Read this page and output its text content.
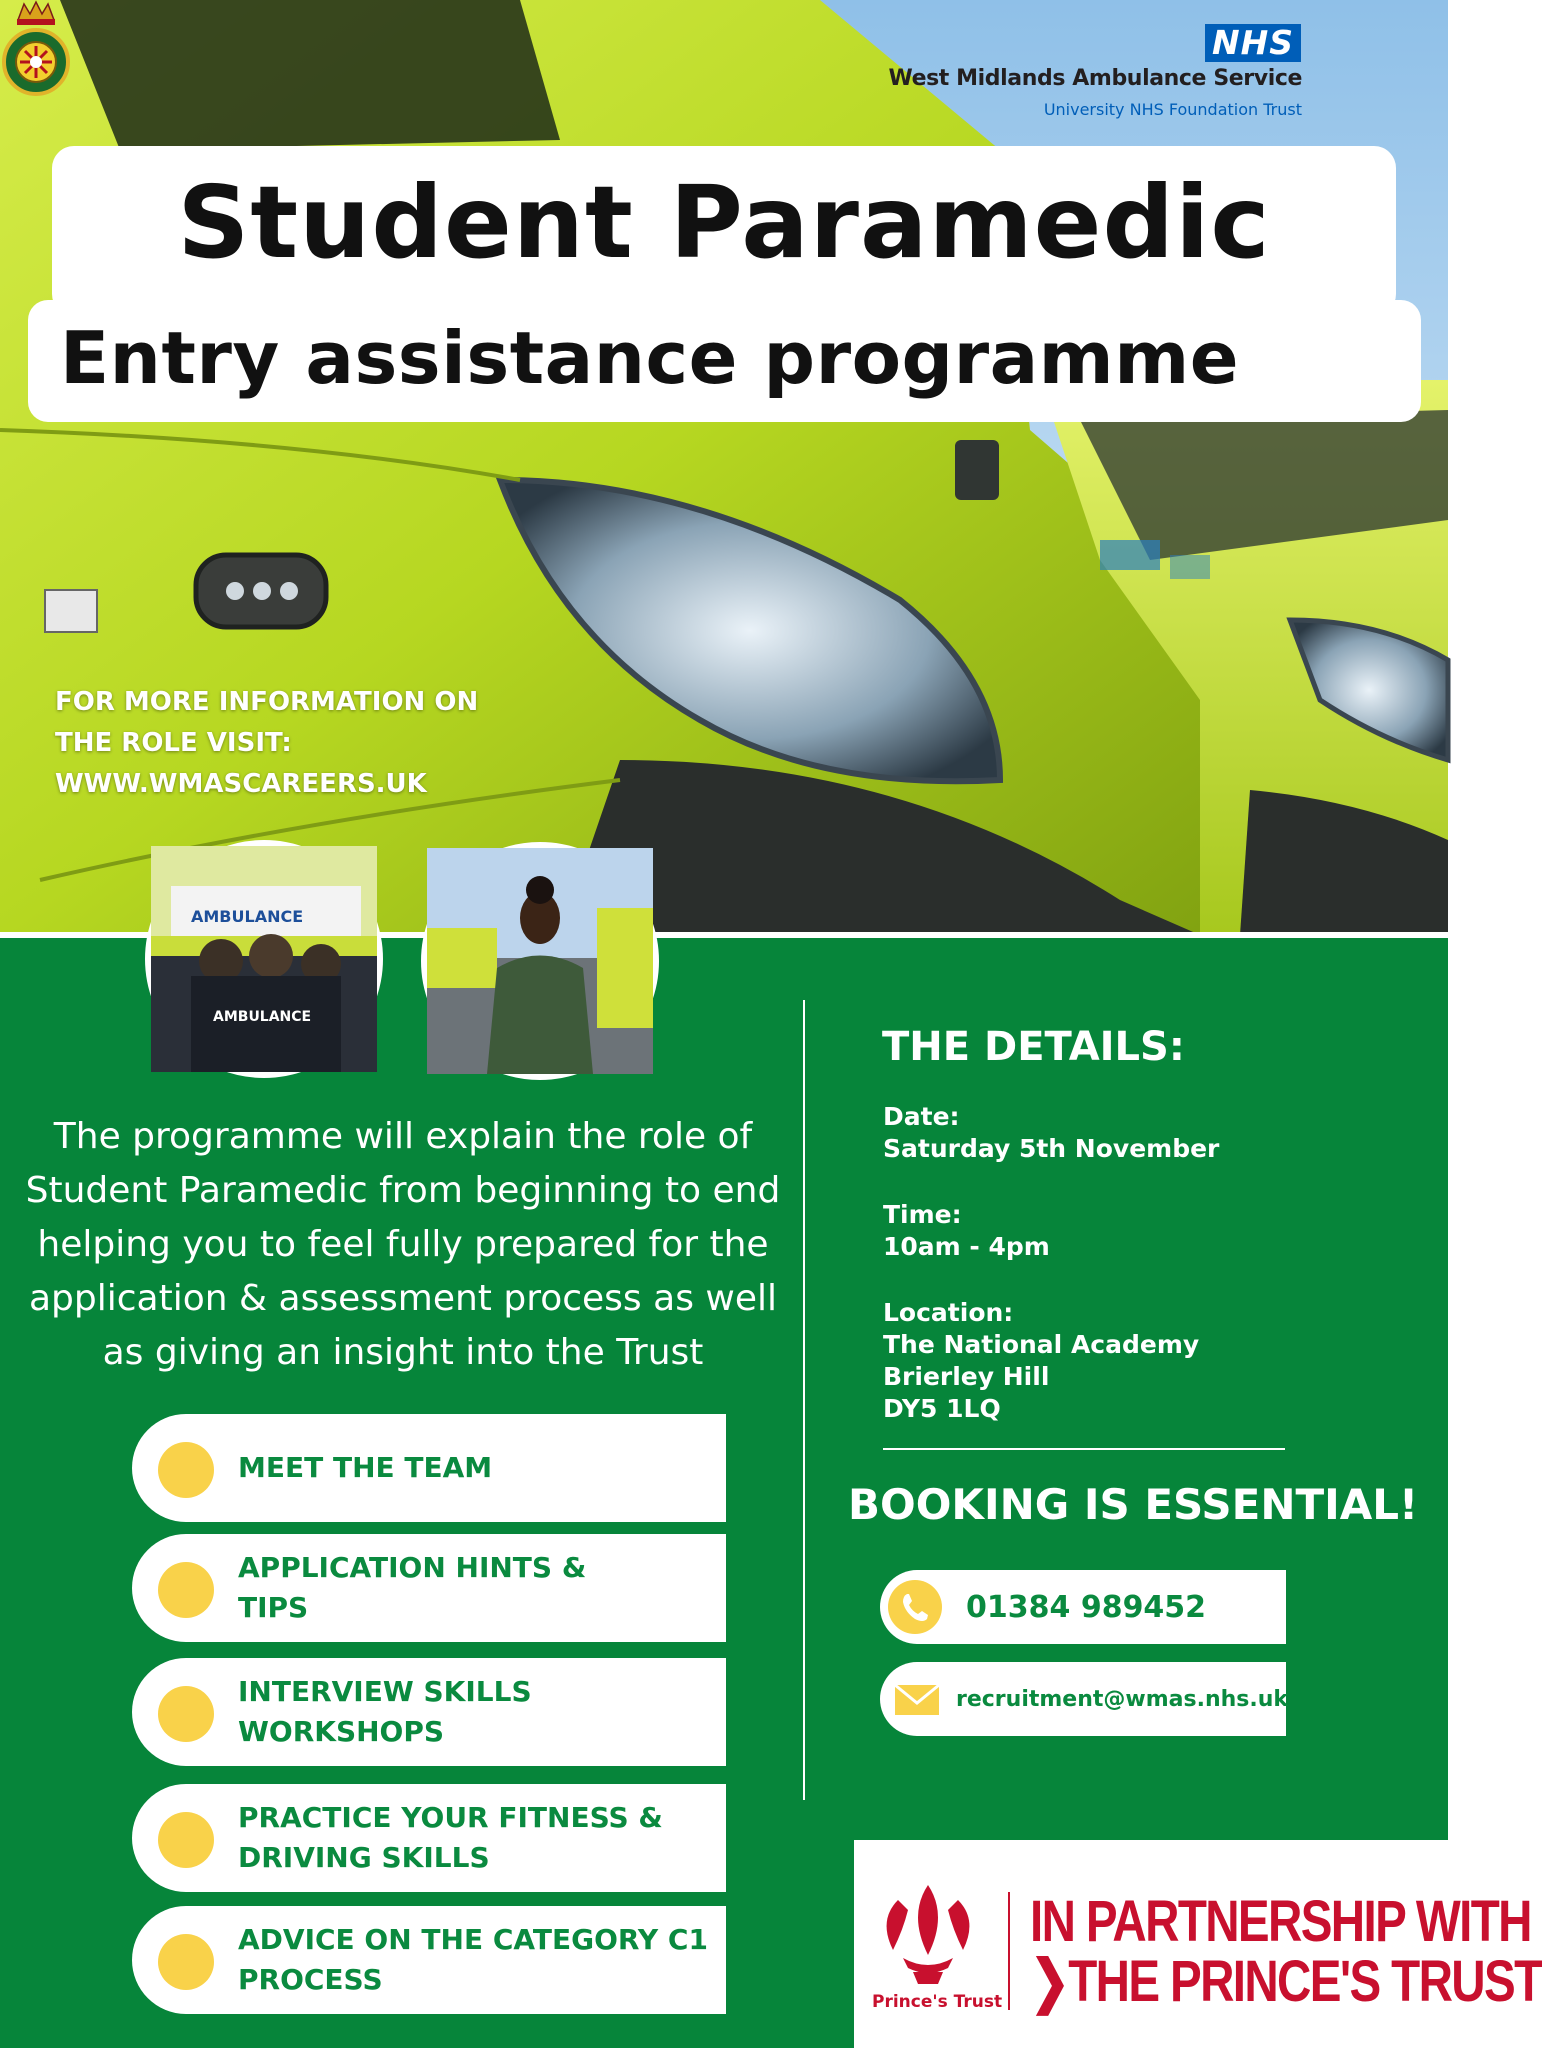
NHS
West Midlands Ambulance Service
University NHS Foundation Trust
Student Paramedic
Entry assistance programme
FOR MORE INFORMATION ON
THE ROLE VISIT:
WWW.WMASCAREERS.UK
AMBULANCE
AMBULANCE
The programme will explain the role of Student Paramedic from beginning to end helping you to feel fully prepared for the application & assessment process as well as giving an insight into the Trust
MEET THE TEAM
APPLICATION HINTS &
TIPS
INTERVIEW SKILLS
WORKSHOPS
PRACTICE YOUR FITNESS &
DRIVING SKILLS
ADVICE ON THE CATEGORY C1
PROCESS
THE DETAILS:
Date:
Saturday 5th November
Time:
10am - 4pm
Location:
The National Academy
Brierley Hill
DY5 1LQ
BOOKING IS ESSENTIAL!
01384 989452
recruitment@wmas.nhs.uk
Prince's Trust
IN PARTNERSHIP WITH
❯THE PRINCE'S TRUST
